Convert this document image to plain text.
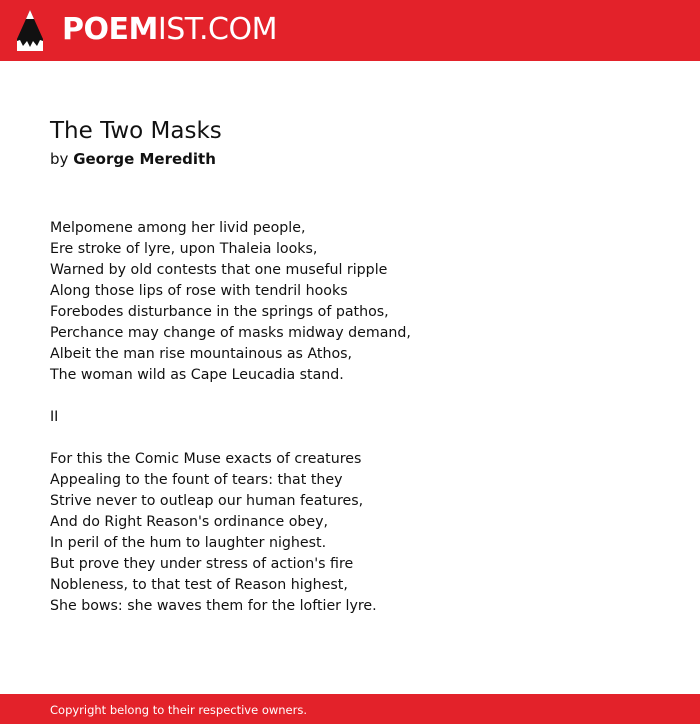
POEMIST.COM
The Two Masks
by George Meredith
Melpomene among her livid people,
Ere stroke of lyre, upon Thaleia looks,
Warned by old contests that one museful ripple
Along those lips of rose with tendril hooks
Forebodes disturbance in the springs of pathos,
Perchance may change of masks midway demand,
Albeit the man rise mountainous as Athos,
The woman wild as Cape Leucadia stand.
II
For this the Comic Muse exacts of creatures
Appealing to the fount of tears: that they
Strive never to outleap our human features,
And do Right Reason's ordinance obey,
In peril of the hum to laughter nighest.
But prove they under stress of action's fire
Nobleness, to that test of Reason highest,
She bows: she waves them for the loftier lyre.
Copyright belong to their respective owners.
